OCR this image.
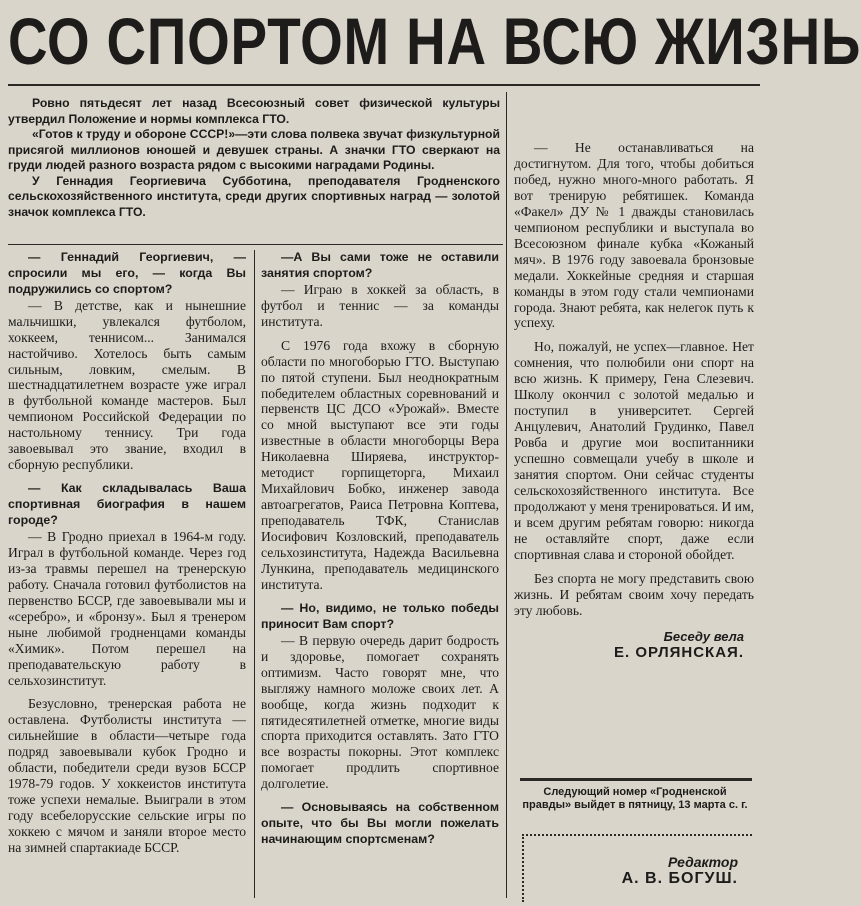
СО СПОРТОМ НА ВСЮ ЖИЗНЬ

Ровно пятьдесят лет назад Всесоюзный совет физической культуры утвердил Положение и нормы комплекса ГТО.

«Готов к труду и обороне СССР!»—эти слова полвека звучат физкультурной присягой миллионов юношей и девушек страны. А значки ГТО сверкают на груди людей разного возраста рядом с высокими наградами Родины.

У Геннадия Георгиевича Субботина, преподавателя Гродненского сельскохозяйственного института, среди других спортивных наград — золотой значок комплекса ГТО.

— Геннадий Георгиевич, — спросили мы его, — когда Вы подружились со спортом?

— В детстве, как и нынешние мальчишки, увлекался футболом, хоккеем, теннисом... Занимался настойчиво. Хотелось быть самым сильным, ловким, смелым. В шестнадцатилетнем возрасте уже играл в футбольной команде мастеров. Был чемпионом Российской Федерации по настольному теннису. Три года завоевывал это звание, входил в сборную республики.

— Как складывалась Ваша спортивная биография в нашем городе?

— В Гродно приехал в 1964-м году. Играл в футбольной команде. Через год из-за травмы перешел на тренерскую работу. Сначала готовил футболистов на первенство БССР, где завоевывали мы и «серебро», и «бронзу». Был я тренером ныне любимой гродненцами команды «Химик». Потом перешел на преподавательскую работу в сельхозинститут.

Безусловно, тренерская работа не оставлена. Футболисты института — сильнейшие в области—четыре года подряд завоевывали кубок Гродно и области, победители среди вузов БССР 1978-79 годов. У хоккеистов института тоже успехи немалые. Выиграли в этом году всебелорусские сельские игры по хоккею с мячом и заняли второе место на зимней спартакиаде БССР.

—А Вы сами тоже не оставили занятия спортом?

— Играю в хоккей за область, в футбол и теннис — за команды института.

С 1976 года вхожу в сборную области по многоборью ГТО. Выступаю по пятой ступени. Был неоднократным победителем областных соревнований и первенств ЦС ДСО «Урожай». Вместе со мной выступают все эти годы известные в области многоборцы Вера Николаевна Ширяева, инструктор-методист горпищеторга, Михаил Михайлович Бобко, инженер завода автоагрегатов, Раиса Петровна Коптева, преподаватель ТФК, Станислав Иосифович Козловский, преподаватель сельхозинститута, Надежда Васильевна Лункина, преподаватель медицинского института.

— Но, видимо, не только победы приносит Вам спорт?

— В первую очередь дарит бодрость и здоровье, помогает сохранять оптимизм. Часто говорят мне, что выгляжу намного моложе своих лет. А вообще, когда жизнь подходит к пятидесятилетней отметке, многие виды спорта приходится оставлять. Зато ГТО все возрасты покорны. Этот комплекс помогает продлить спортивное долголетие.

— Основываясь на собственном опыте, что бы Вы могли пожелать начинающим спортсменам?

— Не останавливаться на достигнутом. Для того, чтобы добиться побед, нужно много-много работать. Я вот тренирую ребятишек. Команда «Факел» ДУ № 1 дважды становилась чемпионом республики и выступала во Всесоюзном финале кубка «Кожаный мяч». В 1976 году завоевала бронзовые медали. Хоккейные средняя и старшая команды в этом году стали чемпионами города. Знают ребята, как нелегок путь к успеху.

Но, пожалуй, не успех—главное. Нет сомнения, что полюбили они спорт на всю жизнь. К примеру, Гена Слезевич. Школу окончил с золотой медалью и поступил в университет. Сергей Анцулевич, Анатолий Грудинко, Павел Ровба и другие мои воспитанники успешно совмещали учебу в школе и занятия спортом. Они сейчас студенты сельскохозяйственного института. Все продолжают у меня тренироваться. И им, и всем другим ребятам говорю: никогда не оставляйте спорт, даже если спортивная слава и стороной обойдет.

Без спорта не могу представить свою жизнь. И ребятам своим хочу передать эту любовь.

Беседу вела
Е. ОРЛЯНСКАЯ.
Следующий номер «Гродненской правды» выйдет в пятницу, 13 марта с. г.
Редактор
А. В. БОГУШ.
